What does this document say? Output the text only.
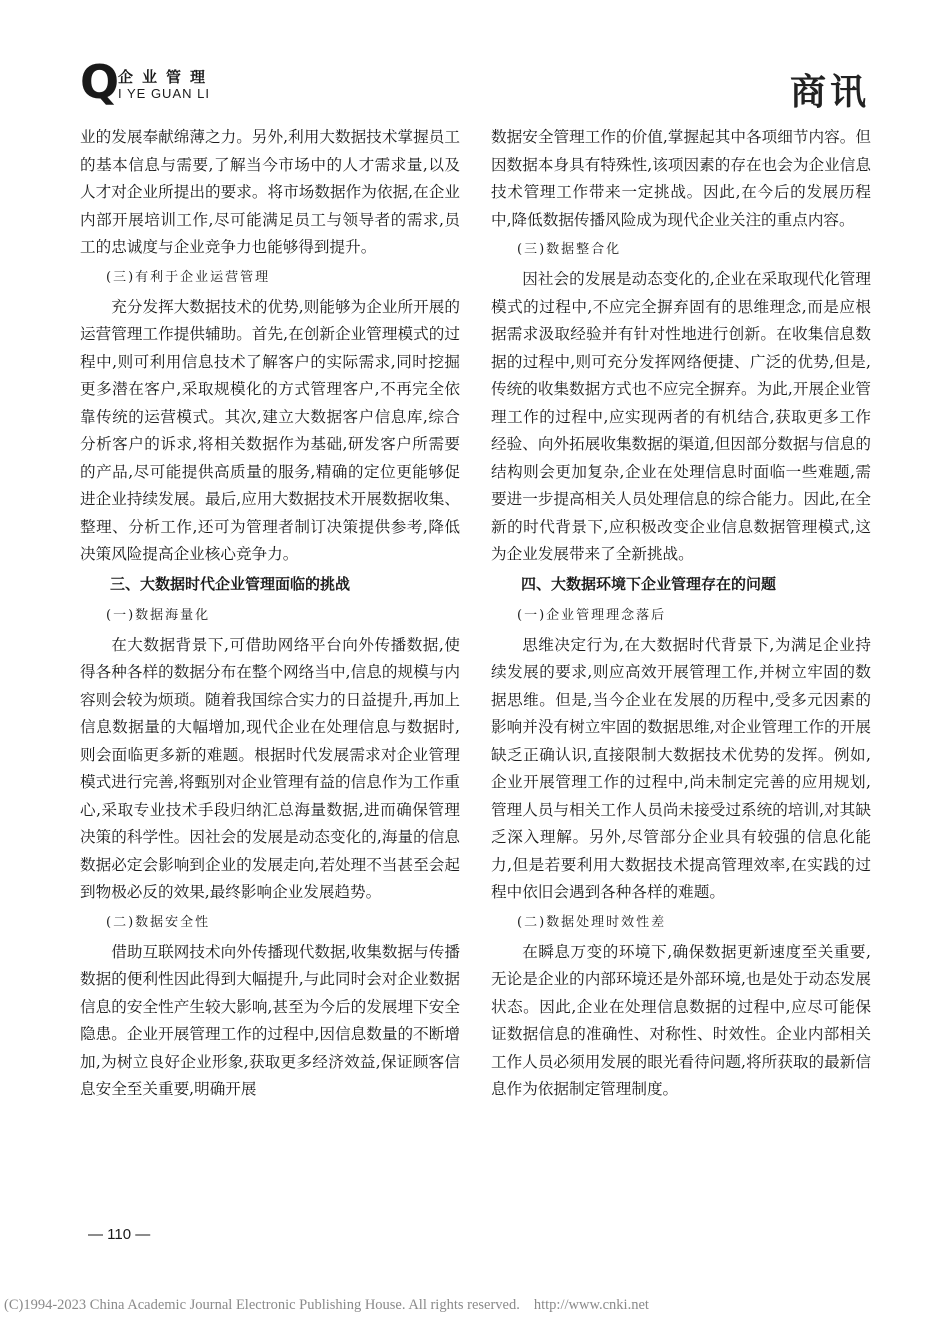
Q
企业管理
I YE GUAN LI	商讯

业的发展奉献绵薄之力。另外,利用大数据技术掌握员工的基本信息与需要,了解当今市场中的人才需求量,以及人才对企业所提出的要求。将市场数据作为依据,在企业内部开展培训工作,尽可能满足员工与领导者的需求,员工的忠诚度与企业竞争力也能够得到提升。

(三)有利于企业运营管理

充分发挥大数据技术的优势,则能够为企业所开展的运营管理工作提供辅助。首先,在创新企业管理模式的过程中,则可利用信息技术了解客户的实际需求,同时挖掘更多潜在客户,采取规模化的方式管理客户,不再完全依靠传统的运营模式。其次,建立大数据客户信息库,综合分析客户的诉求,将相关数据作为基础,研发客户所需要的产品,尽可能提供高质量的服务,精确的定位更能够促进企业持续发展。最后,应用大数据技术开展数据收集、整理、分析工作,还可为管理者制订决策提供参考,降低决策风险提高企业核心竞争力。

三、大数据时代企业管理面临的挑战

(一)数据海量化

在大数据背景下,可借助网络平台向外传播数据,使得各种各样的数据分布在整个网络当中,信息的规模与内容则会较为烦琐。随着我国综合实力的日益提升,再加上信息数据量的大幅增加,现代企业在处理信息与数据时,则会面临更多新的难题。根据时代发展需求对企业管理模式进行完善,将甄别对企业管理有益的信息作为工作重心,采取专业技术手段归纳汇总海量数据,进而确保管理决策的科学性。因社会的发展是动态变化的,海量的信息数据必定会影响到企业的发展走向,若处理不当甚至会起到物极必反的效果,最终影响企业发展趋势。

(二)数据安全性

借助互联网技术向外传播现代数据,收集数据与传播数据的便利性因此得到大幅提升,与此同时会对企业数据信息的安全性产生较大影响,甚至为今后的发展埋下安全隐患。企业开展管理工作的过程中,因信息数量的不断增加,为树立良好企业形象,获取更多经济效益,保证顾客信息安全至关重要,明确开展

数据安全管理工作的价值,掌握起其中各项细节内容。但因数据本身具有特殊性,该项因素的存在也会为企业信息技术管理工作带来一定挑战。因此,在今后的发展历程中,降低数据传播风险成为现代企业关注的重点内容。

(三)数据整合化

因社会的发展是动态变化的,企业在采取现代化管理模式的过程中,不应完全摒弃固有的思维理念,而是应根据需求汲取经验并有针对性地进行创新。在收集信息数据的过程中,则可充分发挥网络便捷、广泛的优势,但是,传统的收集数据方式也不应完全摒弃。为此,开展企业管理工作的过程中,应实现两者的有机结合,获取更多工作经验、向外拓展收集数据的渠道,但因部分数据与信息的结构则会更加复杂,企业在处理信息时面临一些难题,需要进一步提高相关人员处理信息的综合能力。因此,在全新的时代背景下,应积极改变企业信息数据管理模式,这为企业发展带来了全新挑战。

四、大数据环境下企业管理存在的问题

(一)企业管理理念落后

思维决定行为,在大数据时代背景下,为满足企业持续发展的要求,则应高效开展管理工作,并树立牢固的数据思维。但是,当今企业在发展的历程中,受多元因素的影响并没有树立牢固的数据思维,对企业管理工作的开展缺乏正确认识,直接限制大数据技术优势的发挥。例如,企业开展管理工作的过程中,尚未制定完善的应用规划,管理人员与相关工作人员尚未接受过系统的培训,对其缺乏深入理解。另外,尽管部分企业具有较强的信息化能力,但是若要利用大数据技术提高管理效率,在实践的过程中依旧会遇到各种各样的难题。

(二)数据处理时效性差

在瞬息万变的环境下,确保数据更新速度至关重要,无论是企业的内部环境还是外部环境,也是处于动态发展状态。因此,企业在处理信息数据的过程中,应尽可能保证数据信息的准确性、对称性、时效性。企业内部相关工作人员必须用发展的眼光看待问题,将所获取的最新信息作为依据制定管理制度。

— 110 —
(C)1994-2023 China Academic Journal Electronic Publishing House. All rights reserved. http://www.cnki.net
